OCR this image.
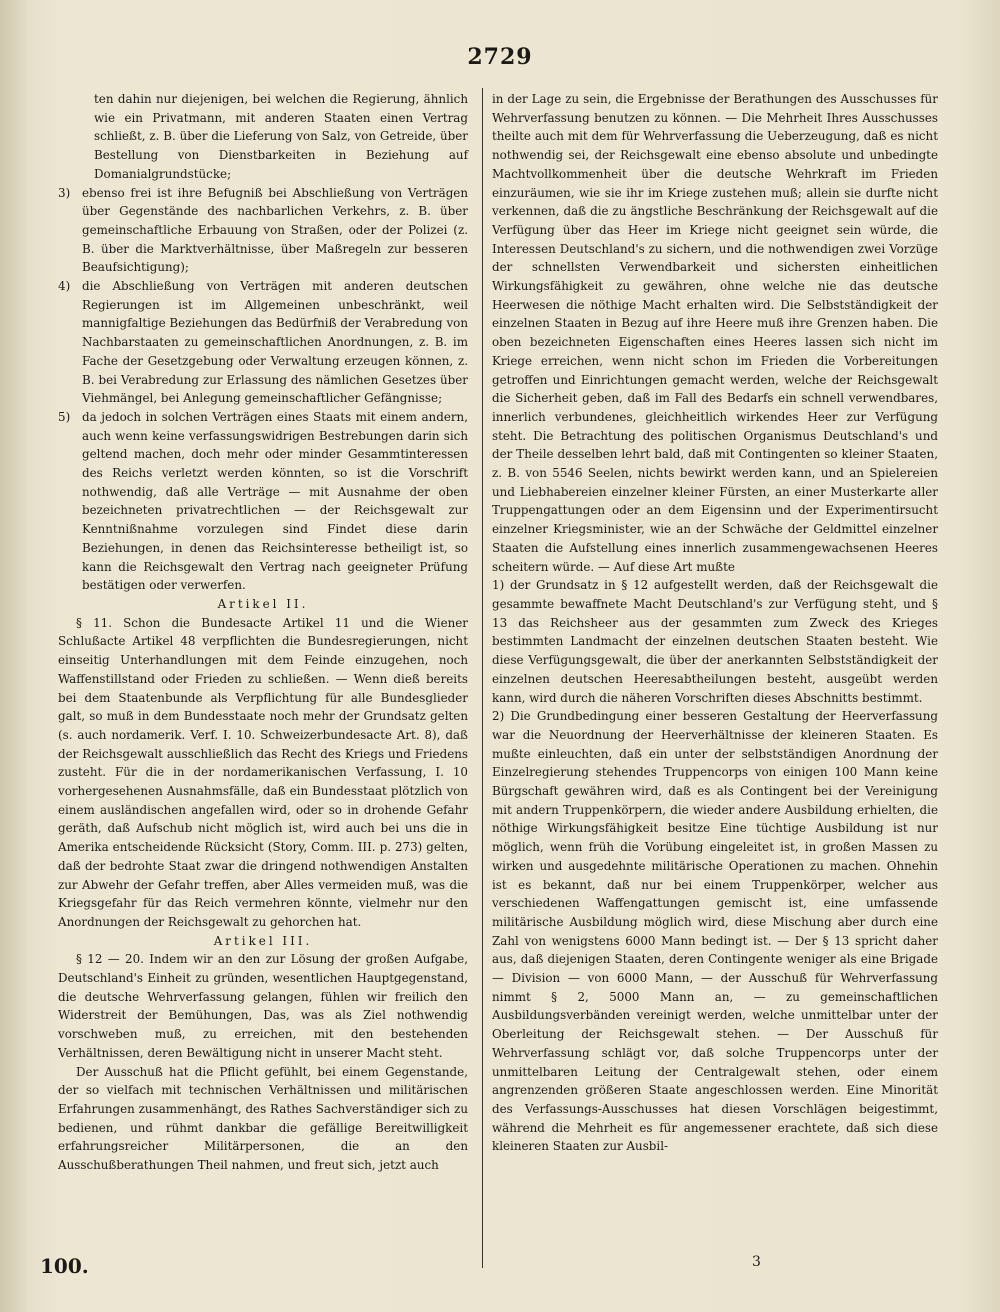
2729

ten dahin nur diejenigen, bei welchen die Regierung, ähnlich wie ein Privatmann, mit anderen Staaten einen Vertrag schließt, z. B. über die Lieferung von Salz, von Getreide, über Bestellung von Dienstbarkeiten in Beziehung auf Domanialgrundstücke;

3) ebenso frei ist ihre Befugniß bei Abschließung von Verträgen über Gegenstände des nachbarlichen Verkehrs, z. B. über gemeinschaftliche Erbauung von Straßen, oder der Polizei (z. B. über die Marktverhältnisse, über Maßregeln zur besseren Beaufsichtigung);
4) die Abschließung von Verträgen mit anderen deutschen Regierungen ist im Allgemeinen unbeschränkt, weil mannigfaltige Beziehungen das Bedürfniß der Verabredung von Nachbarstaaten zu gemeinschaftlichen Anordnungen, z. B. im Fache der Gesetzgebung oder Verwaltung erzeugen können, z. B. bei Verabredung zur Erlassung des nämlichen Gesetzes über Viehmängel, bei Anlegung gemeinschaftlicher Gefängnisse;
5) da jedoch in solchen Verträgen eines Staats mit einem andern, auch wenn keine verfassungswidrigen Bestrebungen darin sich geltend machen, doch mehr oder minder Gesammtinteressen des Reichs verletzt werden könnten, so ist die Vorschrift nothwendig, daß alle Verträge — mit Ausnahme der oben bezeichneten privatrechtlichen — der Reichsgewalt zur Kenntnißnahme vorzulegen sind Findet diese darin Beziehungen, in denen das Reichsinteresse betheiligt ist, so kann die Reichsgewalt den Vertrag nach geeigneter Prüfung bestätigen oder verwerfen.

Artikel II.

§ 11. Schon die Bundesacte Artikel 11 und die Wiener Schlußacte Artikel 48 verpflichten die Bundesregierungen, nicht einseitig Unterhandlungen mit dem Feinde einzugehen, noch Waffenstillstand oder Frieden zu schließen. — Wenn dieß bereits bei dem Staatenbunde als Verpflichtung für alle Bundesglieder galt, so muß in dem Bundesstaate noch mehr der Grundsatz gelten (s. auch nordamerik. Verf. I. 10. Schweizerbundesacte Art. 8), daß der Reichsgewalt ausschließlich das Recht des Kriegs und Friedens zusteht. Für die in der nordamerikanischen Verfassung, I. 10 vorhergesehenen Ausnahmsfälle, daß ein Bundesstaat plötzlich von einem ausländischen angefallen wird, oder so in drohende Gefahr geräth, daß Aufschub nicht möglich ist, wird auch bei uns die in Amerika entscheidende Rücksicht (Story, Comm. III. p. 273) gelten, daß der bedrohte Staat zwar die dringend nothwendigen Anstalten zur Abwehr der Gefahr treffen, aber Alles vermeiden muß, was die Kriegsgefahr für das Reich vermehren könnte, vielmehr nur den Anordnungen der Reichsgewalt zu gehorchen hat.

Artikel III.

§ 12 — 20. Indem wir an den zur Lösung der großen Aufgabe, Deutschland's Einheit zu gründen, wesentlichen Hauptgegenstand, die deutsche Wehrverfassung gelangen, fühlen wir freilich den Widerstreit der Bemühungen, Das, was als Ziel nothwendig vorschweben muß, zu erreichen, mit den bestehenden Verhältnissen, deren Bewältigung nicht in unserer Macht steht.

Der Ausschuß hat die Pflicht gefühlt, bei einem Gegenstande, der so vielfach mit technischen Verhältnissen und militärischen Erfahrungen zusammenhängt, des Rathes Sachverständiger sich zu bedienen, und rühmt dankbar die gefällige Bereitwilligkeit erfahrungsreicher Militärpersonen, die an den Ausschußberathungen Theil nahmen, und freut sich, jetzt auch

in der Lage zu sein, die Ergebnisse der Berathungen des Ausschusses für Wehrverfassung benutzen zu können. — Die Mehrheit Ihres Ausschusses theilte auch mit dem für Wehrverfassung die Ueberzeugung, daß es nicht nothwendig sei, der Reichsgewalt eine ebenso absolute und unbedingte Machtvollkommenheit über die deutsche Wehrkraft im Frieden einzuräumen, wie sie ihr im Kriege zustehen muß; allein sie durfte nicht verkennen, daß die zu ängstliche Beschränkung der Reichsgewalt auf die Verfügung über das Heer im Kriege nicht geeignet sein würde, die Interessen Deutschland's zu sichern, und die nothwendigen zwei Vorzüge der schnellsten Verwendbarkeit und sichersten einheitlichen Wirkungsfähigkeit zu gewähren, ohne welche nie das deutsche Heerwesen die nöthige Macht erhalten wird. Die Selbstständigkeit der einzelnen Staaten in Bezug auf ihre Heere muß ihre Grenzen haben. Die oben bezeichneten Eigenschaften eines Heeres lassen sich nicht im Kriege erreichen, wenn nicht schon im Frieden die Vorbereitungen getroffen und Einrichtungen gemacht werden, welche der Reichsgewalt die Sicherheit geben, daß im Fall des Bedarfs ein schnell verwendbares, innerlich verbundenes, gleichheitlich wirkendes Heer zur Verfügung steht. Die Betrachtung des politischen Organismus Deutschland's und der Theile desselben lehrt bald, daß mit Contingenten so kleiner Staaten, z. B. von 5546 Seelen, nichts bewirkt werden kann, und an Spielereien und Liebhabereien einzelner kleiner Fürsten, an einer Musterkarte aller Truppengattungen oder an dem Eigensinn und der Experimentirsucht einzelner Kriegsminister, wie an der Schwäche der Geldmittel einzelner Staaten die Aufstellung eines innerlich zusammengewachsenen Heeres scheitern würde. — Auf diese Art mußte

1) der Grundsatz in § 12 aufgestellt werden, daß der Reichsgewalt die gesammte bewaffnete Macht Deutschland's zur Verfügung steht, und § 13 das Reichsheer aus der gesammten zum Zweck des Krieges bestimmten Landmacht der einzelnen deutschen Staaten besteht. Wie diese Verfügungsgewalt, die über der anerkannten Selbstständigkeit der einzelnen deutschen Heeresabtheilungen besteht, ausgeübt werden kann, wird durch die näheren Vorschriften dieses Abschnitts bestimmt.

2) Die Grundbedingung einer besseren Gestaltung der Heerverfassung war die Neuordnung der Heerverhältnisse der kleineren Staaten. Es mußte einleuchten, daß ein unter der selbstständigen Anordnung der Einzelregierung stehendes Truppencorps von einigen 100 Mann keine Bürgschaft gewähren wird, daß es als Contingent bei der Vereinigung mit andern Truppenkörpern, die wieder andere Ausbildung erhielten, die nöthige Wirkungsfähigkeit besitze Eine tüchtige Ausbildung ist nur möglich, wenn früh die Vorübung eingeleitet ist, in großen Massen zu wirken und ausgedehnte militärische Operationen zu machen. Ohnehin ist es bekannt, daß nur bei einem Truppenkörper, welcher aus verschiedenen Waffengattungen gemischt ist, eine umfassende militärische Ausbildung möglich wird, diese Mischung aber durch eine Zahl von wenigstens 6000 Mann bedingt ist. — Der § 13 spricht daher aus, daß diejenigen Staaten, deren Contingente weniger als eine Brigade — Division — von 6000 Mann, — der Ausschuß für Wehrverfassung nimmt § 2, 5000 Mann an, — zu gemeinschaftlichen Ausbildungsverbänden vereinigt werden, welche unmittelbar unter der Oberleitung der Reichsgewalt stehen. — Der Ausschuß für Wehrverfassung schlägt vor, daß solche Truppencorps unter der unmittelbaren Leitung der Centralgewalt stehen, oder einem angrenzenden größeren Staate angeschlossen werden. Eine Minorität des Verfassungs-Ausschusses hat diesen Vorschlägen beigestimmt, während die Mehrheit es für angemessener erachtete, daß sich diese kleineren Staaten zur Ausbil-

100.	3
